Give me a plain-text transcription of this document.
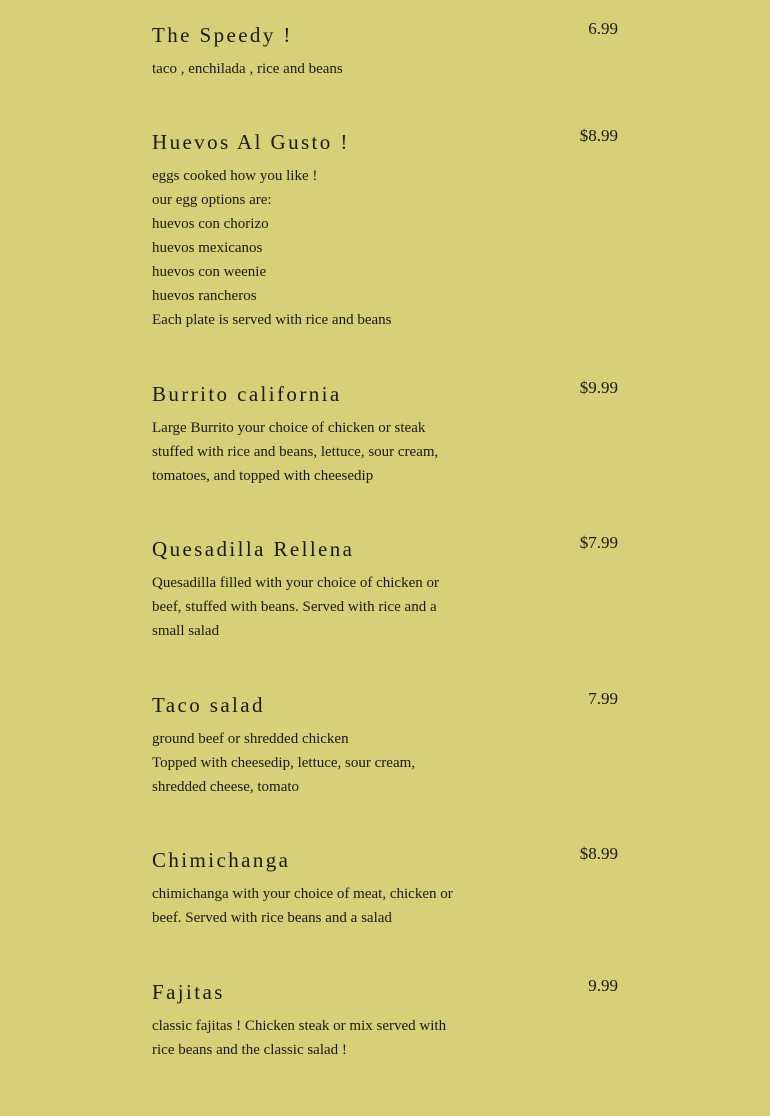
The Speedy !	6.99
taco , enchilada , rice and beans
Huevos Al Gusto !	$8.99
eggs cooked how you like !
our egg options are:
huevos con chorizo
huevos mexicanos
huevos con weenie
huevos rancheros
Each plate is served with rice and beans
Burrito california	$9.99
Large Burrito your choice of chicken or steak
stuffed with rice and beans, lettuce, sour cream,
tomatoes, and topped with cheesedip
Quesadilla Rellena	$7.99
Quesadilla filled with your choice of chicken or
beef, stuffed with beans. Served with rice and a
small salad
Taco salad	7.99
ground beef or shredded chicken
Topped with cheesedip, lettuce, sour cream,
shredded cheese, tomato
Chimichanga	$8.99
chimichanga with your choice of meat, chicken or
beef. Served with rice beans and a salad
Fajitas	9.99
classic fajitas ! Chicken steak or mix served with
rice beans and the classic salad !
